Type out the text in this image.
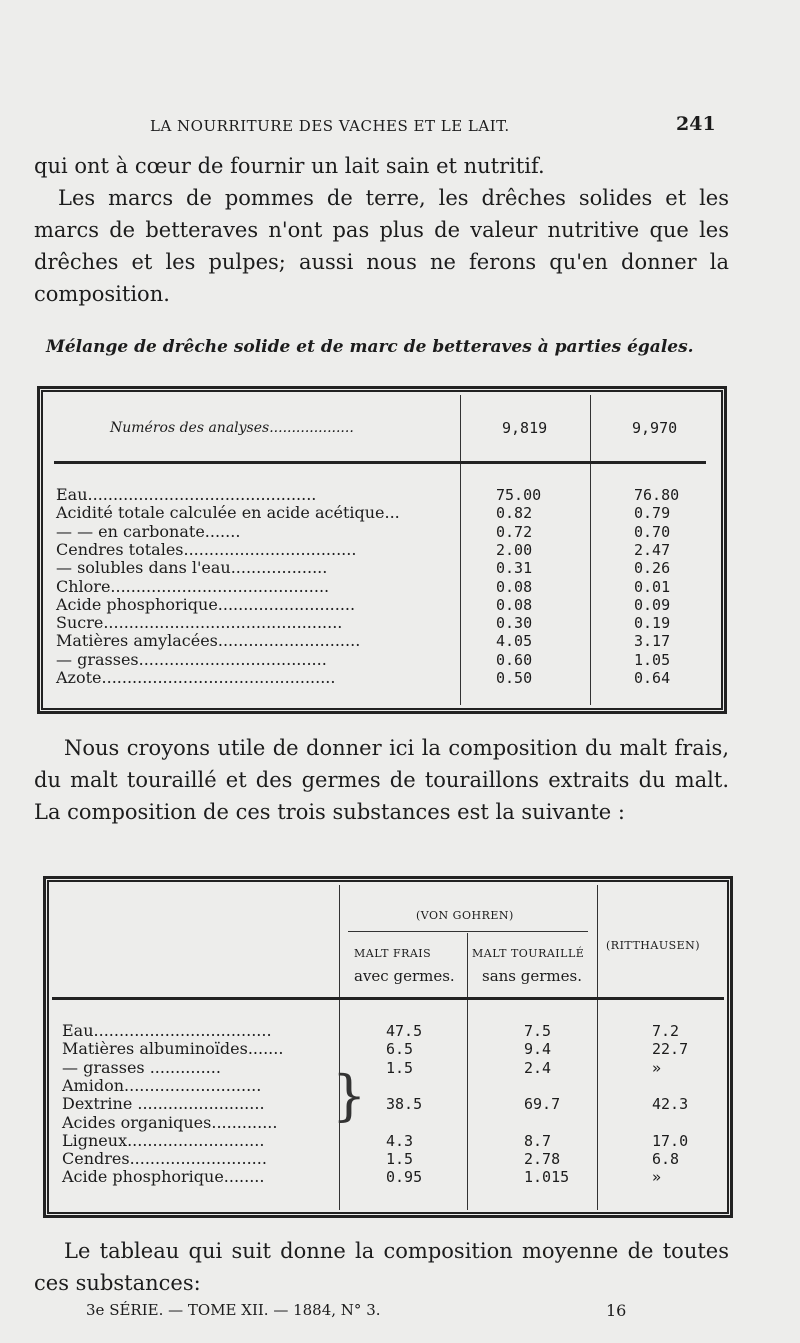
LA NOURRITURE DES VACHES ET LE LAIT.	241

qui ont à cœur de fournir un lait sain et nutritif.

Les marcs de pommes de terre, les drêches solides et les marcs de betteraves n'ont pas plus de valeur nutritive que les drêches et les pulpes; aussi nous ne ferons qu'en donner la composition.

Mélange de drêche solide et de marc de betteraves à parties égales.
Numéros des analyses...................	9,819	9,970
Eau.............................................	75.00	76.80
Acidité totale calculée en acide acétique...	0.82	0.79
— — en carbonate.......	0.72	0.70
Cendres totales..................................	2.00	2.47
— solubles dans l'eau...................	0.31	0.26
Chlore...........................................	0.08	0.01
Acide phosphorique...........................	0.08	0.09
Sucre...............................................	0.30	0.19
Matières amylacées............................	4.05	3.17
— grasses.....................................	0.60	1.05
Azote..............................................	0.50	0.64

Nous croyons utile de donner ici la composition du malt frais, du malt touraillé et des germes de touraillons extraits du malt. La composition de ces trois substances est la suivante :

(VON GOHREN)
MALT FRAIS
avec germes.
MALT TOURAILLÉ
sans germes.
(RITTHAUSEN)
Eau...................................	47.5	7.5	7.2
Matières albuminoïdes.......	6.5	9.4	22.7
— grasses ..............	1.5	2.4	»
Amidon...........................
Dextrine .........................	38.5	69.7	42.3
Acides organiques.............
Ligneux...........................	4.3	8.7	17.0
Cendres...........................	1.5	2.78	6.8
Acide phosphorique........	0.95	1.015	»
}

Le tableau qui suit donne la composition moyenne de toutes ces substances:

3e SÉRIE. — TOME XII. — 1884, N° 3.	16
